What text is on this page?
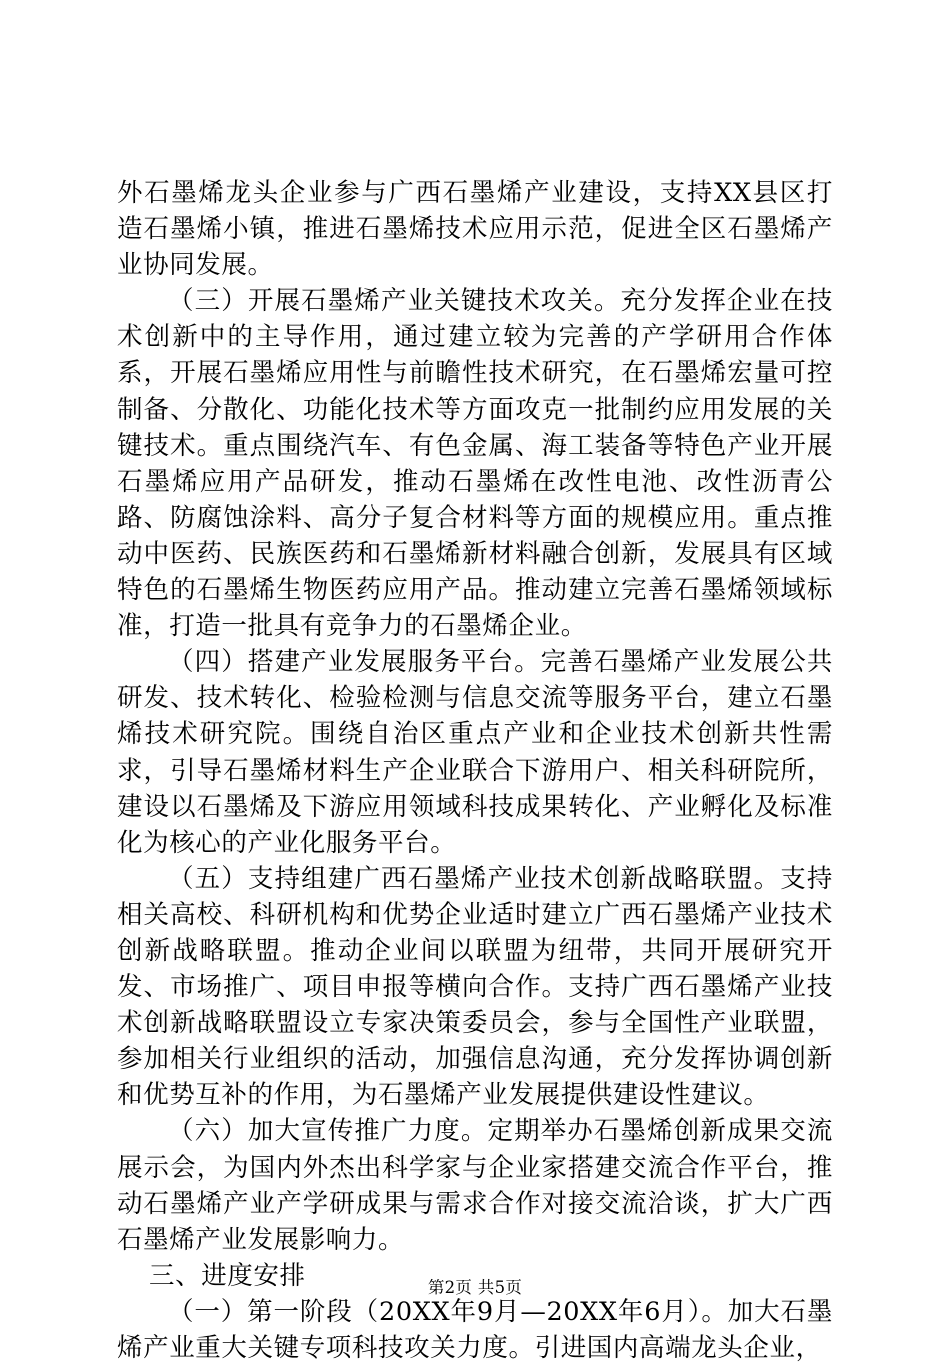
外石墨烯龙头企业参与广西石墨烯产业建设，支持XX县区打造石墨烯小镇，推进石墨烯技术应用示范，促进全区石墨烯产业协同发展。

（三）开展石墨烯产业关键技术攻关。充分发挥企业在技术创新中的主导作用，通过建立较为完善的产学研用合作体系，开展石墨烯应用性与前瞻性技术研究，在石墨烯宏量可控制备、分散化、功能化技术等方面攻克一批制约应用发展的关键技术。重点围绕汽车、有色金属、海工装备等特色产业开展石墨烯应用产品研发，推动石墨烯在改性电池、改性沥青公路、防腐蚀涂料、高分子复合材料等方面的规模应用。重点推动中医药、民族医药和石墨烯新材料融合创新，发展具有区域特色的石墨烯生物医药应用产品。推动建立完善石墨烯领域标准，打造一批具有竞争力的石墨烯企业。

（四）搭建产业发展服务平台。完善石墨烯产业发展公共研发、技术转化、检验检测与信息交流等服务平台，建立石墨烯技术研究院。围绕自治区重点产业和企业技术创新共性需求，引导石墨烯材料生产企业联合下游用户、相关科研院所，建设以石墨烯及下游应用领域科技成果转化、产业孵化及标准化为核心的产业化服务平台。

（五）支持组建广西石墨烯产业技术创新战略联盟。支持相关高校、科研机构和优势企业适时建立广西石墨烯产业技术创新战略联盟。推动企业间以联盟为纽带，共同开展研究开发、市场推广、项目申报等横向合作。支持广西石墨烯产业技术创新战略联盟设立专家决策委员会，参与全国性产业联盟，参加相关行业组织的活动，加强信息沟通，充分发挥协调创新和优势互补的作用，为石墨烯产业发展提供建设性建议。

（六）加大宣传推广力度。定期举办石墨烯创新成果交流展示会，为国内外杰出科学家与企业家搭建交流合作平台，推动石墨烯产业产学研成果与需求合作对接交流洽谈，扩大广西石墨烯产业发展影响力。

三、进度安排

（一）第一阶段（20XX年9月—20XX年6月）。加大石墨烯产业重大关键专项科技攻关力度。引进国内高端龙头企业，

第2页 共5页
